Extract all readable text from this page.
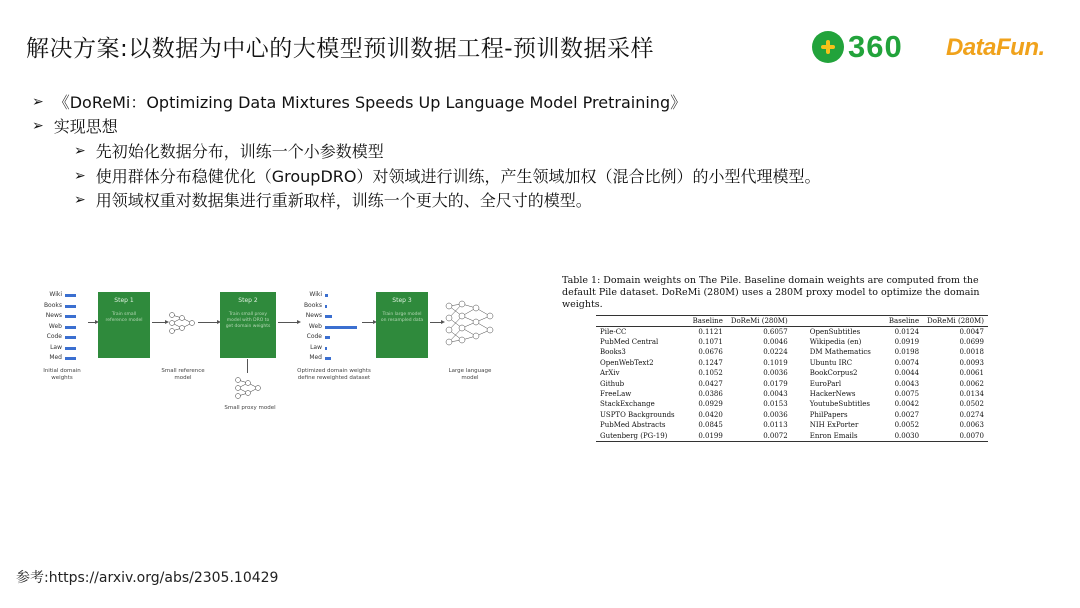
解决方案:以数据为中心的大模型预训数据工程-预训数据采样	360 DataFun.
➢ 《DoReMi：Optimizing Data Mixtures Speeds Up Language Model Pretraining》
➢ 实现思想
➢ 先初始化数据分布，训练一个小参数模型
➢ 使用群体分布稳健优化（GroupDRO）对领域进行训练，产生领域加权（混合比例）的小型代理模型。
➢ 用领域权重对数据集进行重新取样，训练一个更大的、全尺寸的模型。
Wiki
Books
News
Web
Code
Law
Med
Initial domain weights
Step 1
Train small reference model
Small reference model
Step 2
Train small proxy model with DRO to get domain weights
Small proxy model
Wiki
Books
News
Web
Code
Law
Med
Optimized domain weights define reweighted dataset
Step 3
Train large model on resampled data
Large language model
Table 1: Domain weights on The Pile. Baseline domain weights are computed from the default Pile dataset. DoReMi (280M) uses a 280M proxy model to optimize the domain weights.
	Baseline	DoReMi (280M)		Baseline	DoReMi (280M)
Pile-CC	0.1121	0.6057	OpenSubtitles	0.0124	0.0047
PubMed Central	0.1071	0.0046	Wikipedia (en)	0.0919	0.0699
Books3	0.0676	0.0224	DM Mathematics	0.0198	0.0018
OpenWebText2	0.1247	0.1019	Ubuntu IRC	0.0074	0.0093
ArXiv	0.1052	0.0036	BookCorpus2	0.0044	0.0061
Github	0.0427	0.0179	EuroParl	0.0043	0.0062
FreeLaw	0.0386	0.0043	HackerNews	0.0075	0.0134
StackExchange	0.0929	0.0153	YoutubeSubtitles	0.0042	0.0502
USPTO Backgrounds	0.0420	0.0036	PhilPapers	0.0027	0.0274
PubMed Abstracts	0.0845	0.0113	NIH ExPorter	0.0052	0.0063
Gutenberg (PG-19)	0.0199	0.0072	Enron Emails	0.0030	0.0070
参考:https://arxiv.org/abs/2305.10429
